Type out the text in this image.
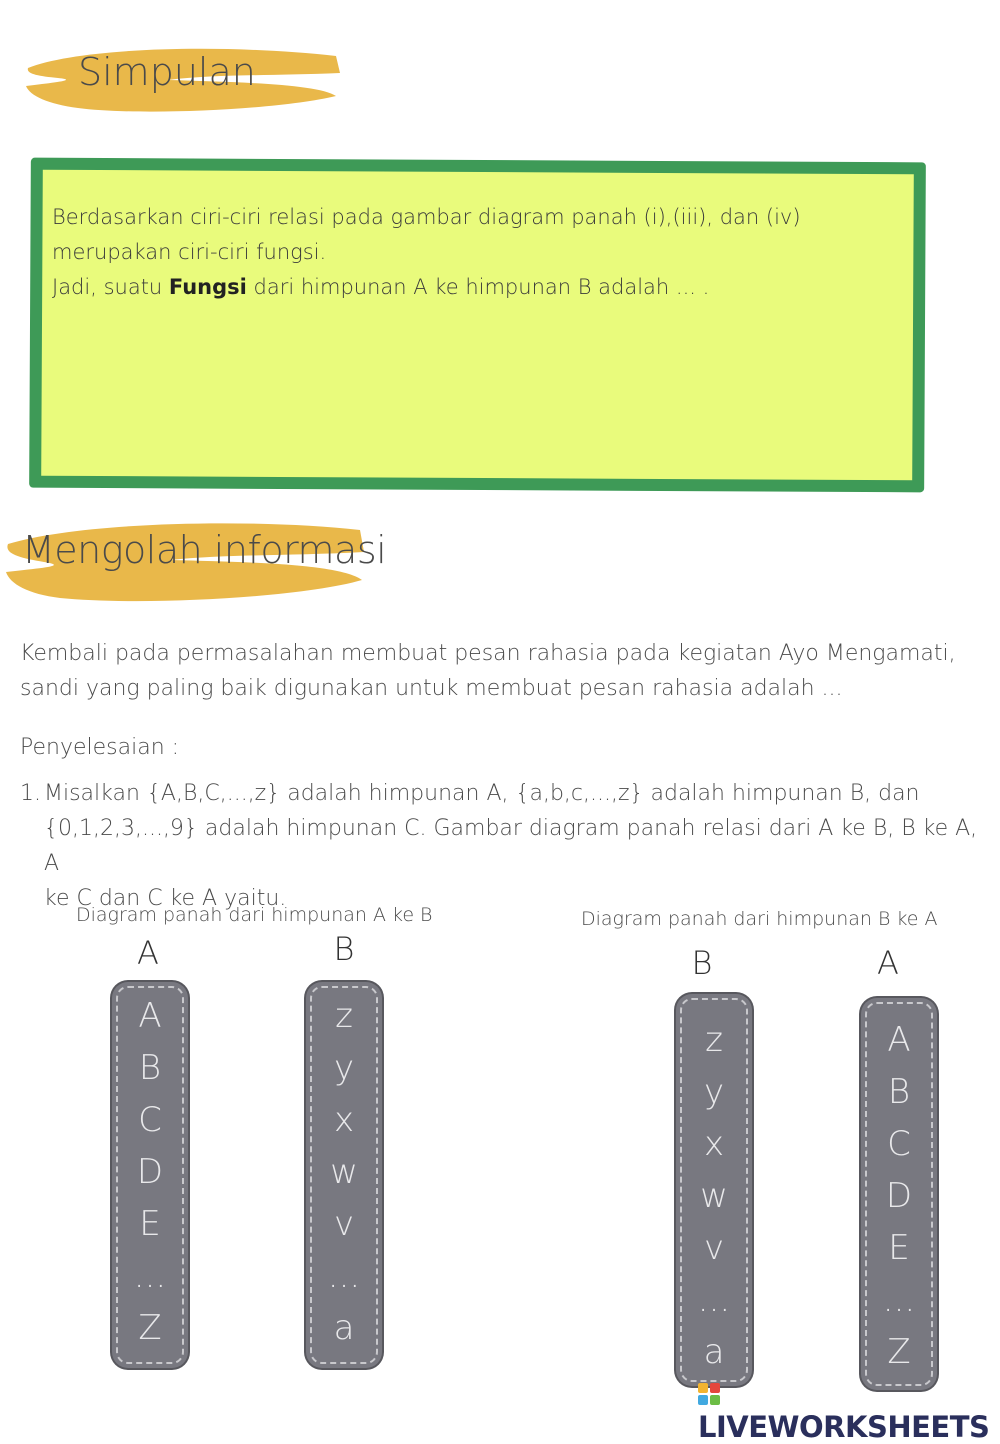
Simpulan
Berdasarkan ciri-ciri relasi pada gambar diagram panah (i),(iii), dan (iv)
merupakan ciri-ciri fungsi.
Jadi, suatu Fungsi dari himpunan A ke himpunan B adalah ... .
Mengolah informasi
Kembali pada permasalahan membuat pesan rahasia pada kegiatan Ayo Mengamati,
sandi yang paling baik digunakan untuk membuat pesan rahasia adalah ...
Penyelesaian :
1. Misalkan {A,B,C,...,z} adalah himpunan A, {a,b,c,...,z} adalah himpunan B, dan
{0,1,2,3,...,9} adalah himpunan C. Gambar diagram panah relasi dari A ke B, B ke A, A
ke C dan C ke A yaitu.
Diagram panah dari himpunan A ke B
A	B
A
B
C
D
E
...
Z
z
y
x
w
v
...
a
Diagram panah dari himpunan B ke A
B	A
z
y
x
w
v
...
a
A
B
C
D
E
...
Z
LIVEWORKSHEETS
